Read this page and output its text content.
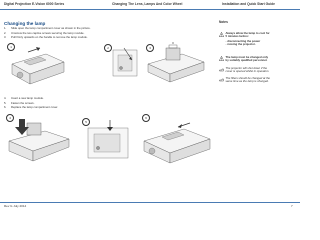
Digital Projection E-Vision 6000 Series	Changing The Lens, Lamps And Color Wheel	Installation and Quick Start Guide
Changing the lamp
1. Slide open the lamp compartment cover as shown in the picture.
2. Unscrew the two captive screws securing the lamp module.
3. Pull firmly upwards on the handle to remove the lamp module.
1	2	3
4. Insert a new lamp module.
5. Fasten the screws.
6. Replace the lamp compartment cover.
4
5
6
Notes
Always allow the lamp to cool for
5 minutes before:
- disconnecting the power
- moving the projector.
The lamp must be changed only
by suitably qualified personnel.
The projector will shut down if the
cover is opened whilst in operation.
The filters should be changed at the
same time as the lamp is changed.
Rev G July 2014	7
